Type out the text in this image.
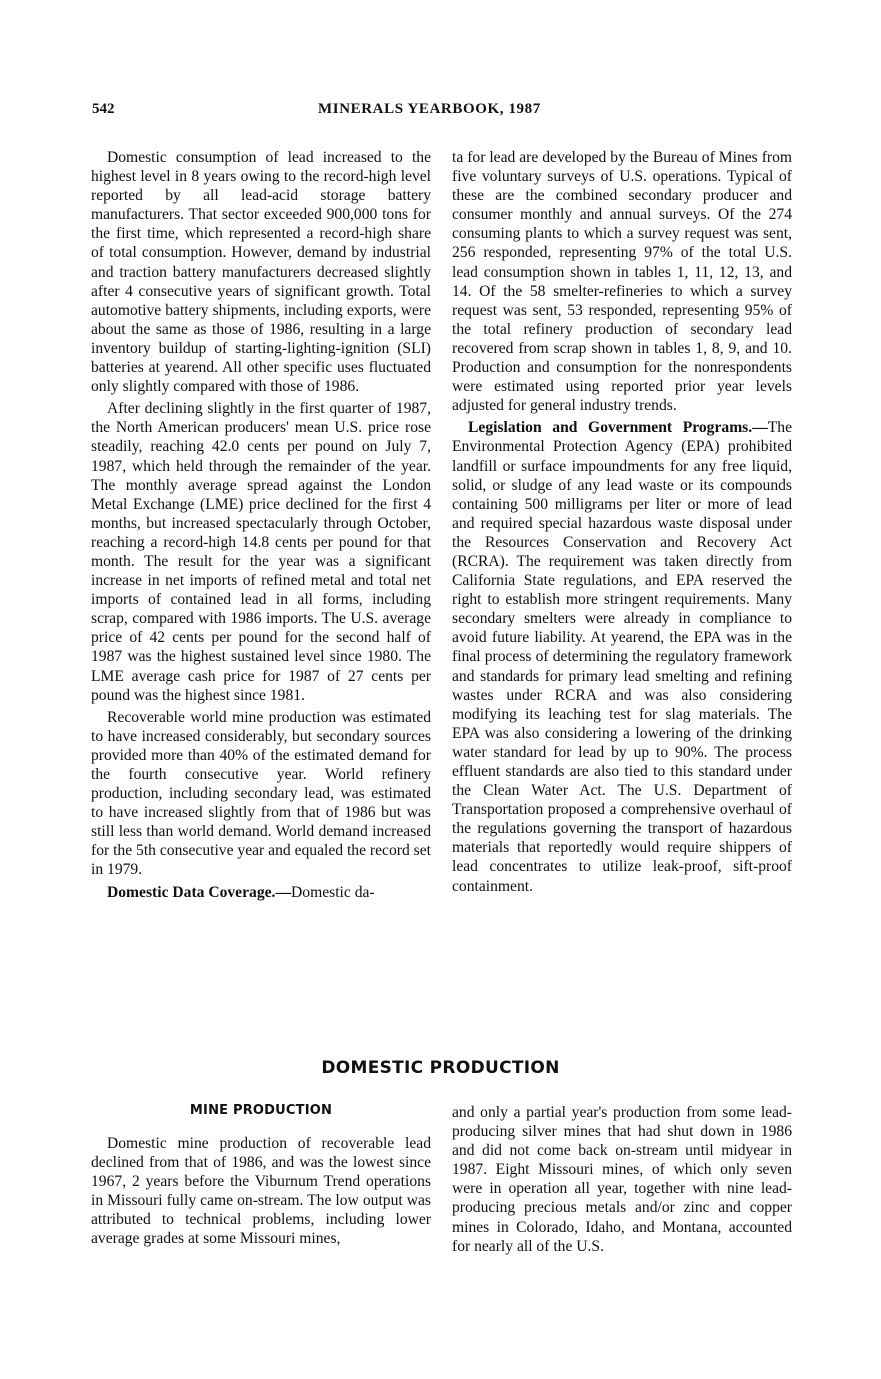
542	MINERALS YEARBOOK, 1987

Domestic consumption of lead increased to the highest level in 8 years owing to the record-high level reported by all lead-acid storage battery manufacturers. That sector exceeded 900,000 tons for the first time, which represented a record-high share of total consumption. However, demand by industrial and traction battery manufacturers decreased slightly after 4 consecutive years of significant growth. Total automotive battery shipments, including exports, were about the same as those of 1986, resulting in a large inventory buildup of starting-lighting-ignition (SLI) batteries at yearend. All other specific uses fluctuated only slightly compared with those of 1986.

After declining slightly in the first quarter of 1987, the North American producers' mean U.S. price rose steadily, reaching 42.0 cents per pound on July 7, 1987, which held through the remainder of the year. The monthly average spread against the London Metal Exchange (LME) price declined for the first 4 months, but increased spectacularly through October, reaching a record-high 14.8 cents per pound for that month. The result for the year was a significant increase in net imports of refined metal and total net imports of contained lead in all forms, including scrap, compared with 1986 imports. The U.S. average price of 42 cents per pound for the second half of 1987 was the highest sustained level since 1980. The LME average cash price for 1987 of 27 cents per pound was the highest since 1981.

Recoverable world mine production was estimated to have increased considerably, but secondary sources provided more than 40% of the estimated demand for the fourth consecutive year. World refinery production, including secondary lead, was estimated to have increased slightly from that of 1986 but was still less than world demand. World demand increased for the 5th consecutive year and equaled the record set in 1979.

Domestic Data Coverage.—Domestic da-

ta for lead are developed by the Bureau of Mines from five voluntary surveys of U.S. operations. Typical of these are the combined secondary producer and consumer monthly and annual surveys. Of the 274 consuming plants to which a survey request was sent, 256 responded, representing 97% of the total U.S. lead consumption shown in tables 1, 11, 12, 13, and 14. Of the 58 smelter-refineries to which a survey request was sent, 53 responded, representing 95% of the total refinery production of secondary lead recovered from scrap shown in tables 1, 8, 9, and 10. Production and consumption for the nonrespondents were estimated using reported prior year levels adjusted for general industry trends.

Legislation and Government Programs.—The Environmental Protection Agency (EPA) prohibited landfill or surface impoundments for any free liquid, solid, or sludge of any lead waste or its compounds containing 500 milligrams per liter or more of lead and required special hazardous waste disposal under the Resources Conservation and Recovery Act (RCRA). The requirement was taken directly from California State regulations, and EPA reserved the right to establish more stringent requirements. Many secondary smelters were already in compliance to avoid future liability. At yearend, the EPA was in the final process of determining the regulatory framework and standards for primary lead smelting and refining wastes under RCRA and was also considering modifying its leaching test for slag materials. The EPA was also considering a lowering of the drinking water standard for lead by up to 90%. The process effluent standards are also tied to this standard under the Clean Water Act. The U.S. Department of Transportation proposed a comprehensive overhaul of the regulations governing the transport of hazardous materials that reportedly would require shippers of lead concentrates to utilize leak-proof, sift-proof containment.

DOMESTIC PRODUCTION
MINE PRODUCTION

Domestic mine production of recoverable lead declined from that of 1986, and was the lowest since 1967, 2 years before the Viburnum Trend operations in Missouri fully came on-stream. The low output was attributed to technical problems, including lower average grades at some Missouri mines,

and only a partial year's production from some lead-producing silver mines that had shut down in 1986 and did not come back on-stream until midyear in 1987. Eight Missouri mines, of which only seven were in operation all year, together with nine lead-producing precious metals and/or zinc and copper mines in Colorado, Idaho, and Montana, accounted for nearly all of the U.S.
